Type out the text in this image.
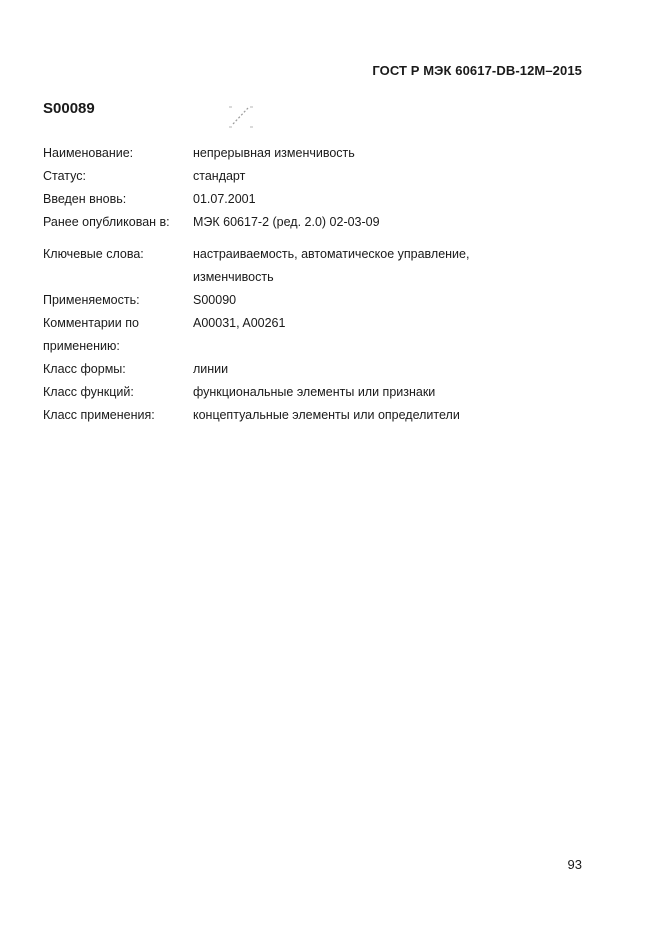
ГОСТ Р МЭК 60617-DB-12M–2015
S00089
Наименование:	непрерывная изменчивость
Статус:	стандарт
Введен вновь:	01.07.2001
Ранее опубликован в:	МЭК 60617-2 (ред. 2.0) 02-03-09
Ключевые слова:	настраиваемость, автоматическое управление,
изменчивость
Применяемость:	S00090
Комментарии по	A00031, A00261
применению:
Класс формы:	линии
Класс функций:	функциональные элементы или признаки
Класс применения:	концептуальные элементы или определители
93
